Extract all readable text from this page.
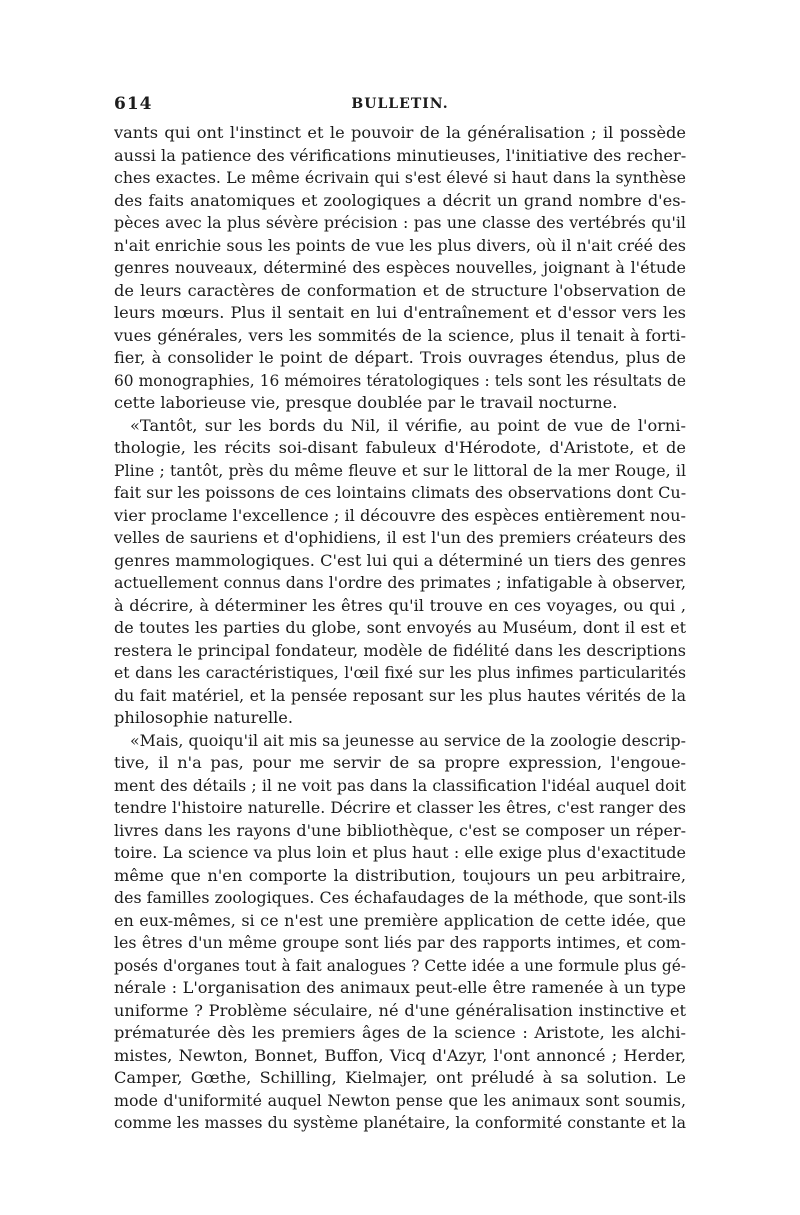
614	BULLETIN.
vants qui ont l'instinct et le pouvoir de la généralisation ; il possède
aussi la patience des vérifications minutieuses, l'initiative des recher-
ches exactes. Le même écrivain qui s'est élevé si haut dans la synthèse
des faits anatomiques et zoologiques a décrit un grand nombre d'es-
pèces avec la plus sévère précision : pas une classe des vertébrés qu'il
n'ait enrichie sous les points de vue les plus divers, où il n'ait créé des
genres nouveaux, déterminé des espèces nouvelles, joignant à l'étude
de leurs caractères de conformation et de structure l'observation de
leurs mœurs. Plus il sentait en lui d'entraînement et d'essor vers les
vues générales, vers les sommités de la science, plus il tenait à forti-
fier, à consolider le point de départ. Trois ouvrages étendus, plus de
60 monographies, 16 mémoires tératologiques : tels sont les résultats de
cette laborieuse vie, presque doublée par le travail nocturne.
«Tantôt, sur les bords du Nil, il vérifie, au point de vue de l'orni-
thologie, les récits soi-disant fabuleux d'Hérodote, d'Aristote, et de
Pline ; tantôt, près du même fleuve et sur le littoral de la mer Rouge, il
fait sur les poissons de ces lointains climats des observations dont Cu-
vier proclame l'excellence ; il découvre des espèces entièrement nou-
velles de sauriens et d'ophidiens, il est l'un des premiers créateurs des
genres mammologiques. C'est lui qui a déterminé un tiers des genres
actuellement connus dans l'ordre des primates ; infatigable à observer,
à décrire, à déterminer les êtres qu'il trouve en ces voyages, ou qui ,
de toutes les parties du globe, sont envoyés au Muséum, dont il est et
restera le principal fondateur, modèle de fidélité dans les descriptions
et dans les caractéristiques, l'œil fixé sur les plus infimes particularités
du fait matériel, et la pensée reposant sur les plus hautes vérités de la
philosophie naturelle.
«Mais, quoiqu'il ait mis sa jeunesse au service de la zoologie descrip-
tive, il n'a pas, pour me servir de sa propre expression, l'engoue-
ment des détails ; il ne voit pas dans la classification l'idéal auquel doit
tendre l'histoire naturelle. Décrire et classer les êtres, c'est ranger des
livres dans les rayons d'une bibliothèque, c'est se composer un réper-
toire. La science va plus loin et plus haut : elle exige plus d'exactitude
même que n'en comporte la distribution, toujours un peu arbitraire,
des familles zoologiques. Ces échafaudages de la méthode, que sont-ils
en eux-mêmes, si ce n'est une première application de cette idée, que
les êtres d'un même groupe sont liés par des rapports intimes, et com-
posés d'organes tout à fait analogues ? Cette idée a une formule plus gé-
nérale : L'organisation des animaux peut-elle être ramenée à un type
uniforme ? Problème séculaire, né d'une généralisation instinctive et
prématurée dès les premiers âges de la science : Aristote, les alchi-
mistes, Newton, Bonnet, Buffon, Vicq d'Azyr, l'ont annoncé ; Herder,
Camper, Gœthe, Schilling, Kielmajer, ont préludé à sa solution. Le
mode d'uniformité auquel Newton pense que les animaux sont soumis,
comme les masses du système planétaire, la conformité constante et la
